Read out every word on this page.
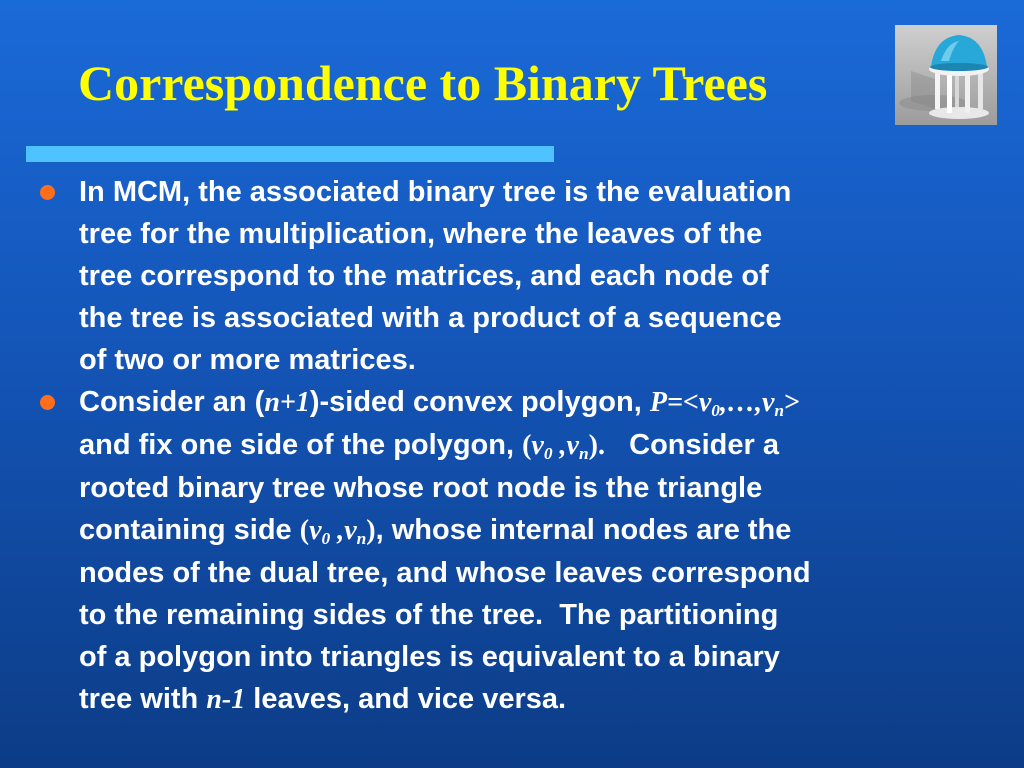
Correspondence to Binary Trees
In MCM, the associated binary tree is the evaluation
tree for the multiplication, where the leaves of the
tree correspond to the matrices, and each node of
the tree is associated with a product of a sequence
of two or more matrices.
Consider an (n+1)-sided convex polygon, $P=<v_0,\dots,v_n>$
and fix one side of the polygon, ($v_0$ $,v_n$).   Consider a
rooted binary tree whose root node is the triangle
containing side ($v_0$ $,v_n$), whose internal nodes are the
nodes of the dual tree, and whose leaves correspond
to the remaining sides of the tree.  The partitioning
of a polygon into triangles is equivalent to a binary
tree with n-1 leaves, and vice versa.
